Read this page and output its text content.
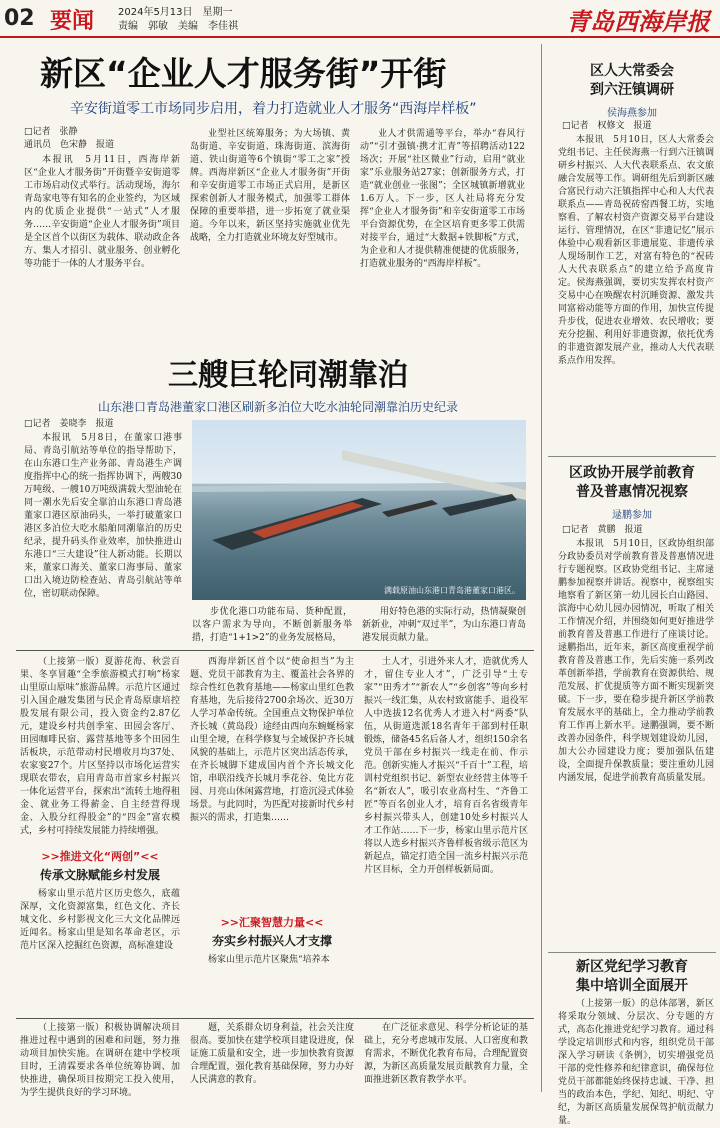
02 要闻 2024年5月13日　星期一
责编　郭敏　美编　李佳祺	青岛西海岸报
新区“企业人才服务街”开街
辛安街道零工市场同步启用，着力打造就业人才服务“西海岸样板”
□记者　张静
通讯员　色宋静　报道

本报讯　5月11日，西海岸新区“企业人才服务街”开街暨辛安街道零工市场启动仪式举行。活动现场，海尔青岛家电等有知名的企业签约，为区域内的优质企业提供“一站式”人才服务……辛安街道“企业人才服务街”项目是全区首个以街区为载体、联动政企各方、集人才招引、就业服务、创业孵化等功能于一体的人才服务平台。

业型社区统筹服务；为大场镇、黄岛街道、辛安街道、珠海街道、滨海街道、铁山街道等6个镇街“零工之家”授牌。西海岸新区“企业人才服务街”开街和辛安街道零工市场正式启用，是新区探索创新人才服务模式，加强零工群体保障的重要举措，进一步拓宽了就业渠道。今年以来，新区坚持实施就业优先战略，全力打造就业环境友好型城市。

业人才供需通等平台，举办“春风行动”“引才强镇·携才汇青”等招聘活动122场次；开展“社区微业”行动，启用“就业家”乐业服务站27家；创新服务方式，打造“就业创业一张图”；全区城镇新增就业1.6万人。下一步，区人社局将充分发挥“企业人才服务街”和辛安街道零工市场平台资源优势，在全区培育更多零工供需对接平台，通过“大数据+铁脚板”方式，为企业和人才提供精准便捷的优质服务，打造就业服务的“西海岸样板”。

三艘巨轮同潮靠泊
山东港口青岛港董家口港区刷新多泊位大吃水油轮同潮靠泊历史纪录
□记者　姜晓李　报道

本报讯　5月8日，在董家口港事局、青岛引航站等单位的指导帮助下，在山东港口生产业务部、青岛港生产调度指挥中心的统一指挥协调下，两艘30万吨级、一艘10万吨级满载大型油轮在同一潮水先后安全靠泊山东港口青岛港董家口港区原油码头，一举打破董家口港区多泊位大吃水船舶同潮靠泊的历史纪录，提升码头作业效率，加快推进山东港口“三大建设”往人新动能。长期以来，董家口海关、董家口海事局、董家口出入境边防检查站、青岛引航站等单位，密切联动保障。	满载原油山东港口青岛港董家口港区。

步优化港口功能布局、货种配置，以客户需求为导向，不断创新服务举措，打造“1+1>2”的业务发展格局，

用好特色港的实际行动，热情凝聚创新新业，冲刺“双过半”，为山东港口青岛港发展贡献力量。

（上接第一版）夏游花海、秋尝百果、冬享冒趣“全季旅游模式打响”杨家山里原山原味”旅游品牌。示范片区通过引入国企融发集团与民企青岛原康培控股发展有限公司，投入资金约2.87亿元，建设乡村共创季室、田园会客厅、田园咖啡民宿、露营基地等多个田园生活板块，示范带动村民增收月均37处、农家宴27个。片区坚持以市场化运营实现联农带农，启用青岛市首家乡村振兴一体化运营平台，探索出“流转土地得租金、就业务工得薪金、自主经营得现金、入股分红得股金”的“四金”富农模式，乡村可持续发展能力持续增强。

>>推进文化“两创”<<
传承文脉赋能乡村发展

杨家山里示范片区历史悠久，底蕴深厚，文化资源富集，红色文化、齐长城文化、乡村影视文化三大文化品牌远近闻名。杨家山里是知名革命老区，示范片区深入挖掘红色资源，高标准建设

西海岸新区首个以“使命担当”为主题、党员干部教育为主、覆盖社会各界的综合性红色教育基地——杨家山里红色教育基地，先后接待2700余场次、近30万人学习革命传统。全国重点文物保护单位齐长城（黄岛段）途经由西向东蜿蜒杨家山里全境，在科学修复与全域保护齐长城风貌的基础上，示范片区突出活态传承，在齐长城脚下建成国内首个齐长城文化馆，串联沿线齐长城月季花谷、兔比方花园、月亮山休闲露营地，打造沉浸式体验场景。与此同时，为匹配对接新时代乡村振兴的需求，打造集……

>>汇聚智慧力量<<
夯实乡村振兴人才支撑

杨家山里示范片区聚焦“培养本

土人才，引进外来人才，造就优秀人才，留住专业人才”，广泛引导“土专家”“田秀才”“新农人”“乡创客”等向乡村振兴一线汇集，从农村致富能手、退役军人中选拔12名优秀人才进入村“两委”队伍，从街道选派18名青年干部到村任职锻炼，储备45名后备人才，组织150余名党员干部在乡村振兴一线走在前、作示范。创新实施人才振兴“千百十”工程，培训村党组织书记、新型农业经营主体等千名“新农人”，吸引农业高村生、“齐鲁工匠”等百名创业人才，培育百名省级青年乡村振兴带头人，创建10处乡村振兴人才工作站……下一步，杨家山里示范片区将以人选乡村振兴齐鲁样板省级示范区为新起点，锚定打造全国一流乡村振兴示范片区目标，全力开创样板新局面。

（上接第一版）积极协调解决项目推进过程中遇到的困难和问题，努力推动项目加快实施。在调研在建中学校项目时，王清霖要求各单位统筹协调、加快推进，确保项目按期完工投入使用，为学生提供良好的学习环境。

题，关系群众切身利益，社会关注度很高。要加快在建学校项目建设进度，保证施工质量和安全，进一步加快教育资源合理配置，强化教育基础保障，努力办好人民满意的教育。

在广泛征求意见、科学分析论证的基础上，充分考虑城市发展、人口密度和教育需求，不断优化教育布局，合理配置资源，为新区高质量发展贡献教育力量，全面推进新区教育教学水平。

区人大常委会
到六汪镇调研
侯海燕参加
□记者　权修文　报道

本报讯　5月10日，区人大常委会党组书记、主任侯海燕一行到六汪镇调研乡村振兴、人大代表联系点、农文旅融合发展等工作。调研组先后到新区融合富民行动六汪镇指挥中心和人大代表联系点——青岛祝砖窑西餐工坊，实地察看、了解农村资产资源交易平台建设运行、管理情况，在区“非遗记忆”展示体验中心观看新区非遗展览、非遗传承人现场制作工艺，对富有特色的“祝砖人大代表联系点”的建立给予高度肯定。侯海燕强调，要切实发挥农村资产交易中心在唤醒农村沉睡资源、激发共同富裕动能等方面的作用，加快宣传提升步伐，促进农业增效、农民增收；要充分挖掘、利用好非遗资源，依托优秀的非遗资源发展产业，推动人大代表联系点作用发挥。

区政协开展学前教育
普及普惠情况视察
逯鹏参加
□记者　黄鹏　报道

本报讯　5月10日，区政协组织部分政协委员对学前教育普及普惠情况进行专题视察。区政协党组书记、主席逯鹏参加视察并讲话。视察中，视察组实地察看了新区第一幼儿园长白山路园、滨海中心幼儿园办园情况，听取了相关工作情况介绍，并围绕如何更好推进学前教育普及普惠工作进行了座谈讨论。逯鹏指出，近年来，新区高度重视学前教育普及普惠工作，先后实施一系列改革创新举措，学前教育在资源供给、规范发展、扩优提质等方面不断实现新突破。下一步，要在稳步提升新区学前教育发展水平的基础上，全力推动学前教育工作再上新水平。逯鹏强调，要不断改善办园条件，科学规划建设幼儿园，加大公办园建设力度；要加强队伍建设，全面提升保教质量；要注重幼儿园内涵发展，促进学前教育高质量发展。

新区党纪学习教育
集中培训全面展开

（上接第一版）的总体部署，新区将采取分领域、分层次、分专题的方式，高态化推进党纪学习教育。通过科学设定培训形式和内容，组织党员干部深入学习研读《条例》，切实增强党员干部的党性修养和纪律意识，确保每位党员干部都能始终保持忠诚、干净、担当的政治本色，学纪、知纪、明纪、守纪，为新区高质量发展保驾护航贡献力量。
